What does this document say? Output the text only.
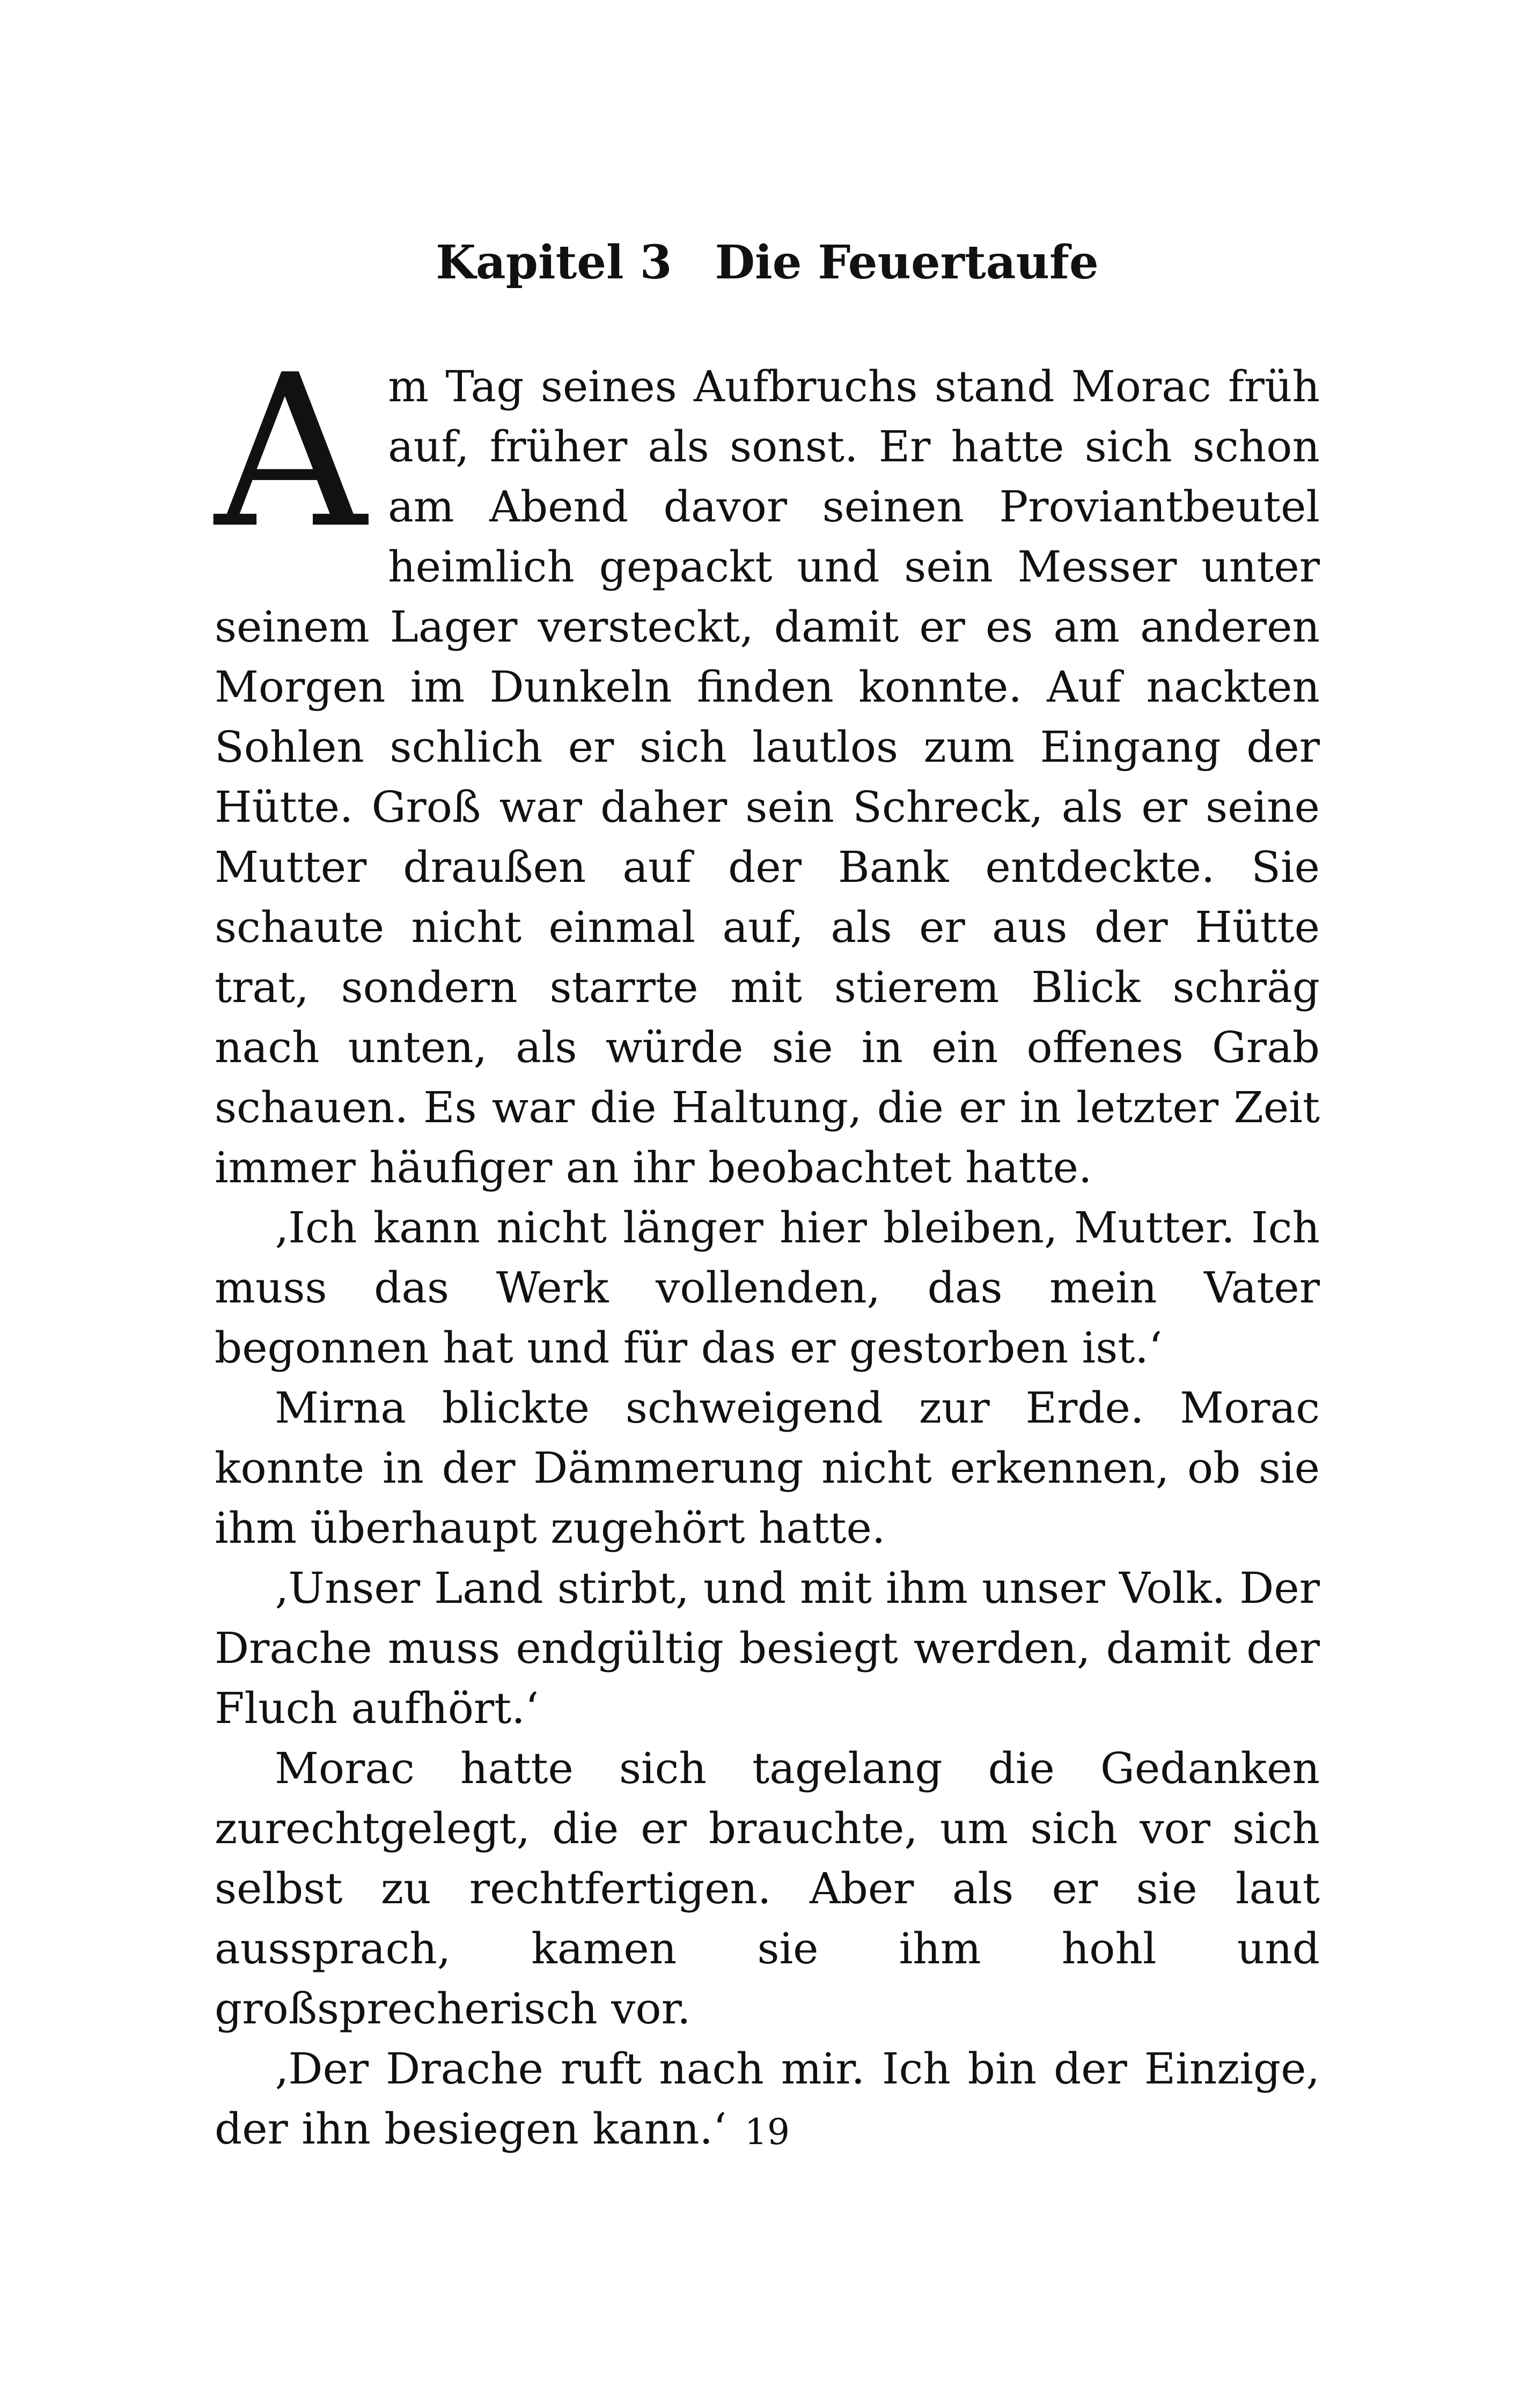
Kapitel 3 Die Feuertaufe

Am Tag seines Aufbruchs stand Morac früh auf, früher als sonst. Er hatte sich schon am Abend davor seinen Proviantbeutel heimlich gepackt und sein Messer unter seinem Lager versteckt, damit er es am anderen Morgen im Dunkeln finden konnte. Auf nackten Sohlen schlich er sich lautlos zum Eingang der Hütte. Groß war daher sein Schreck, als er seine Mutter draußen auf der Bank entdeckte. Sie schaute nicht einmal auf, als er aus der Hütte trat, sondern starrte mit stierem Blick schräg nach unten, als würde sie in ein offenes Grab schauen. Es war die Haltung, die er in letzter Zeit immer häufiger an ihr beobachtet hatte.

‚Ich kann nicht länger hier bleiben, Mutter. Ich muss das Werk vollenden, das mein Vater begonnen hat und für das er gestorben ist.‘

Mirna blickte schweigend zur Erde. Morac konnte in der Dämmerung nicht erkennen, ob sie ihm überhaupt zugehört hatte.

‚Unser Land stirbt, und mit ihm unser Volk. Der Drache muss endgültig besiegt werden, damit der Fluch aufhört.‘

Morac hatte sich tagelang die Gedanken zurechtgelegt, die er brauchte, um sich vor sich selbst zu rechtfertigen. Aber als er sie laut aussprach, kamen sie ihm hohl und großsprecherisch vor.

‚Der Drache ruft nach mir. Ich bin der Einzige, der ihn besiegen kann.‘ 19
